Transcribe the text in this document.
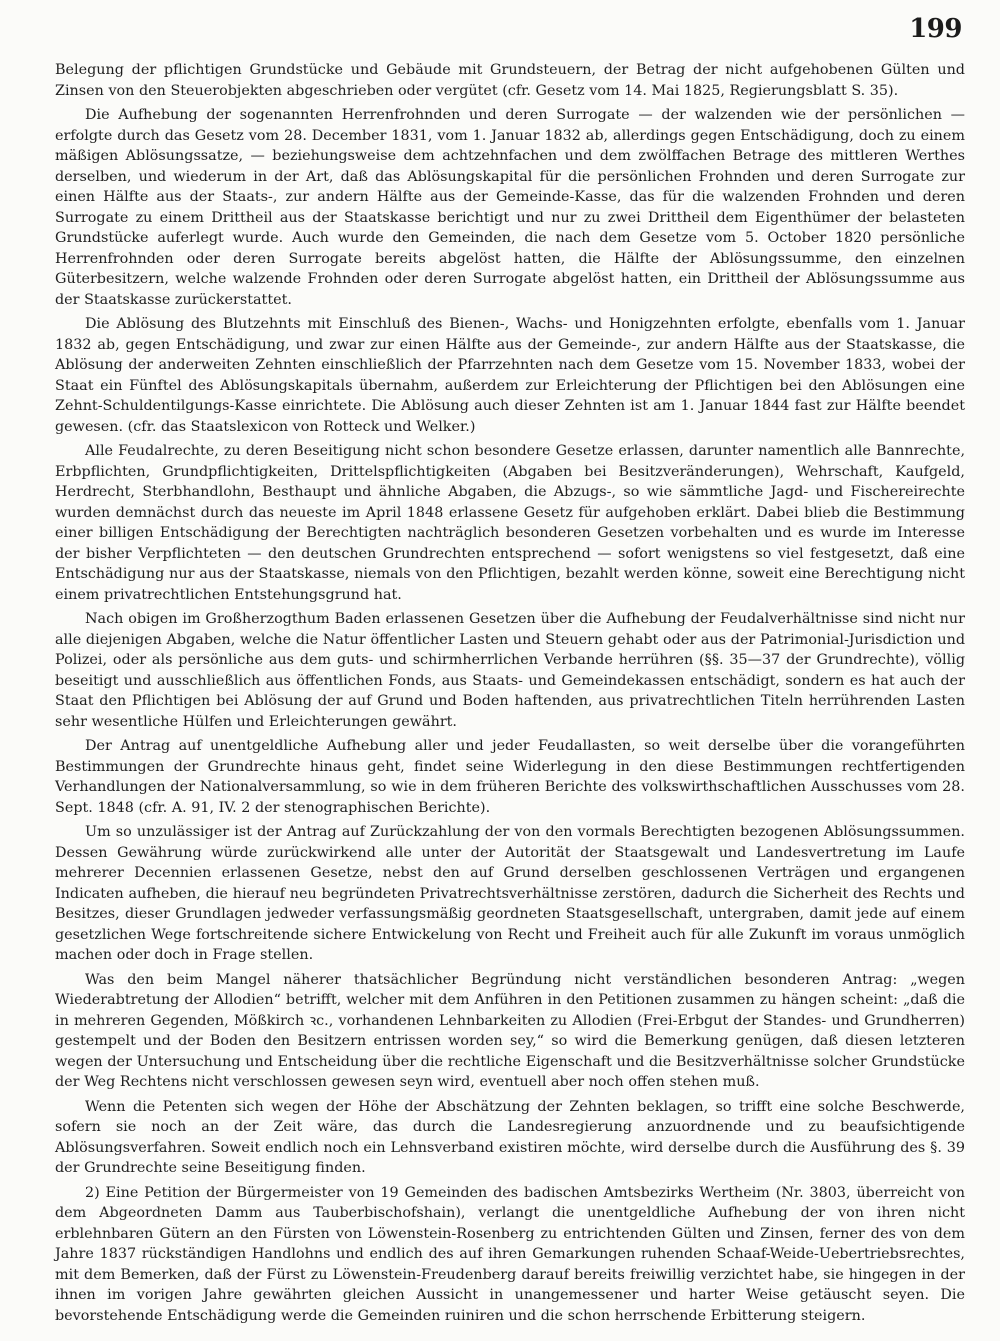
199

Belegung der pflichtigen Grundstücke und Gebäude mit Grundsteuern, der Betrag der nicht aufgehobenen Gülten und Zinsen von den Steuerobjekten abgeschrieben oder vergütet (cfr. Gesetz vom 14. Mai 1825, Regierungsblatt S. 35).

Die Aufhebung der sogenannten Herrenfrohnden und deren Surrogate — der walzenden wie der persönlichen — erfolgte durch das Gesetz vom 28. December 1831, vom 1. Januar 1832 ab, allerdings gegen Entschädigung, doch zu einem mäßigen Ablösungssatze, — beziehungsweise dem achtzehnfachen und dem zwölffachen Betrage des mittleren Werthes derselben, und wiederum in der Art, daß das Ablösungskapital für die persönlichen Frohnden und deren Surrogate zur einen Hälfte aus der Staats-, zur andern Hälfte aus der Gemeinde-Kasse, das für die walzenden Frohnden und deren Surrogate zu einem Drittheil aus der Staatskasse berichtigt und nur zu zwei Drittheil dem Eigenthümer der belasteten Grundstücke auferlegt wurde. Auch wurde den Gemeinden, die nach dem Gesetze vom 5. October 1820 persönliche Herrenfrohnden oder deren Surrogate bereits abgelöst hatten, die Hälfte der Ablösungssumme, den einzelnen Güterbesitzern, welche walzende Frohnden oder deren Surrogate abgelöst hatten, ein Drittheil der Ablösungssumme aus der Staatskasse zurückerstattet.

Die Ablösung des Blutzehnts mit Einschluß des Bienen-, Wachs- und Honigzehnten erfolgte, ebenfalls vom 1. Januar 1832 ab, gegen Entschädigung, und zwar zur einen Hälfte aus der Gemeinde-, zur andern Hälfte aus der Staatskasse, die Ablösung der anderweiten Zehnten einschließlich der Pfarrzehnten nach dem Gesetze vom 15. November 1833, wobei der Staat ein Fünftel des Ablösungskapitals übernahm, außerdem zur Erleichterung der Pflichtigen bei den Ablösungen eine Zehnt-Schuldentilgungs-Kasse einrichtete. Die Ablösung auch dieser Zehnten ist am 1. Januar 1844 fast zur Hälfte beendet gewesen. (cfr. das Staatslexicon von Rotteck und Welker.)

Alle Feudalrechte, zu deren Beseitigung nicht schon besondere Gesetze erlassen, darunter namentlich alle Bannrechte, Erbpflichten, Grundpflichtigkeiten, Drittelspflichtigkeiten (Abgaben bei Besitzveränderungen), Wehrschaft, Kaufgeld, Herdrecht, Sterbhandlohn, Besthaupt und ähnliche Abgaben, die Abzugs-, so wie sämmtliche Jagd- und Fischereirechte wurden demnächst durch das neueste im April 1848 erlassene Gesetz für aufgehoben erklärt. Dabei blieb die Bestimmung einer billigen Entschädigung der Berechtigten nachträglich besonderen Gesetzen vorbehalten und es wurde im Interesse der bisher Verpflichteten — den deutschen Grundrechten entsprechend — sofort wenigstens so viel festgesetzt, daß eine Entschädigung nur aus der Staatskasse, niemals von den Pflichtigen, bezahlt werden könne, soweit eine Berechtigung nicht einem privatrechtlichen Entstehungsgrund hat.

Nach obigen im Großherzogthum Baden erlassenen Gesetzen über die Aufhebung der Feudalverhältnisse sind nicht nur alle diejenigen Abgaben, welche die Natur öffentlicher Lasten und Steuern gehabt oder aus der Patrimonial-Jurisdiction und Polizei, oder als persönliche aus dem guts- und schirmherrlichen Verbande herrühren (§§. 35—37 der Grundrechte), völlig beseitigt und ausschließlich aus öffentlichen Fonds, aus Staats- und Gemeindekassen entschädigt, sondern es hat auch der Staat den Pflichtigen bei Ablösung der auf Grund und Boden haftenden, aus privatrechtlichen Titeln herrührenden Lasten sehr wesentliche Hülfen und Erleichterungen gewährt.

Der Antrag auf unentgeldliche Aufhebung aller und jeder Feudallasten, so weit derselbe über die vorangeführten Bestimmungen der Grundrechte hinaus geht, findet seine Widerlegung in den diese Bestimmungen rechtfertigenden Verhandlungen der Nationalversammlung, so wie in dem früheren Berichte des volkswirthschaftlichen Ausschusses vom 28. Sept. 1848 (cfr. A. 91, IV. 2 der stenographischen Berichte).

Um so unzulässiger ist der Antrag auf Zurückzahlung der von den vormals Berechtigten bezogenen Ablösungssummen. Dessen Gewährung würde zurückwirkend alle unter der Autorität der Staatsgewalt und Landesvertretung im Laufe mehrerer Decennien erlassenen Gesetze, nebst den auf Grund derselben geschlossenen Verträgen und ergangenen Indicaten aufheben, die hierauf neu begründeten Privatrechtsverhältnisse zerstören, dadurch die Sicherheit des Rechts und Besitzes, dieser Grundlagen jedweder verfassungsmäßig geordneten Staatsgesellschaft, untergraben, damit jede auf einem gesetzlichen Wege fortschreitende sichere Entwickelung von Recht und Freiheit auch für alle Zukunft im voraus unmöglich machen oder doch in Frage stellen.

Was den beim Mangel näherer thatsächlicher Begründung nicht verständlichen besonderen Antrag: „wegen Wiederabtretung der Allodien“ betrifft, welcher mit dem Anführen in den Petitionen zusammen zu hängen scheint: „daß die in mehreren Gegenden, Mößkirch ꝛc., vorhandenen Lehnbarkeiten zu Allodien (Frei-Erbgut der Standes- und Grundherren) gestempelt und der Boden den Besitzern entrissen worden sey,“ so wird die Bemerkung genügen, daß diesen letzteren wegen der Untersuchung und Entscheidung über die rechtliche Eigenschaft und die Besitzverhältnisse solcher Grundstücke der Weg Rechtens nicht verschlossen gewesen seyn wird, eventuell aber noch offen stehen muß.

Wenn die Petenten sich wegen der Höhe der Abschätzung der Zehnten beklagen, so trifft eine solche Beschwerde, sofern sie noch an der Zeit wäre, das durch die Landesregierung anzuordnende und zu beaufsichtigende Ablösungsverfahren. Soweit endlich noch ein Lehnsverband existiren möchte, wird derselbe durch die Ausführung des §. 39 der Grundrechte seine Beseitigung finden.

2) Eine Petition der Bürgermeister von 19 Gemeinden des badischen Amtsbezirks Wertheim (Nr. 3803, überreicht von dem Abgeordneten Damm aus Tauberbischofshain), verlangt die unentgeldliche Aufhebung der von ihren nicht erblehnbaren Gütern an den Fürsten von Löwenstein-Rosenberg zu entrichtenden Gülten und Zinsen, ferner des von dem Jahre 1837 rückständigen Handlohns und endlich des auf ihren Gemarkungen ruhenden Schaaf-Weide-Uebertriebsrechtes, mit dem Bemerken, daß der Fürst zu Löwenstein-Freudenberg darauf bereits freiwillig verzichtet habe, sie hingegen in der ihnen im vorigen Jahre gewährten gleichen Aussicht in unangemessener und harter Weise getäuscht seyen. Die bevorstehende Entschädigung werde die Gemeinden ruiniren und die schon herrschende Erbitterung steigern.
